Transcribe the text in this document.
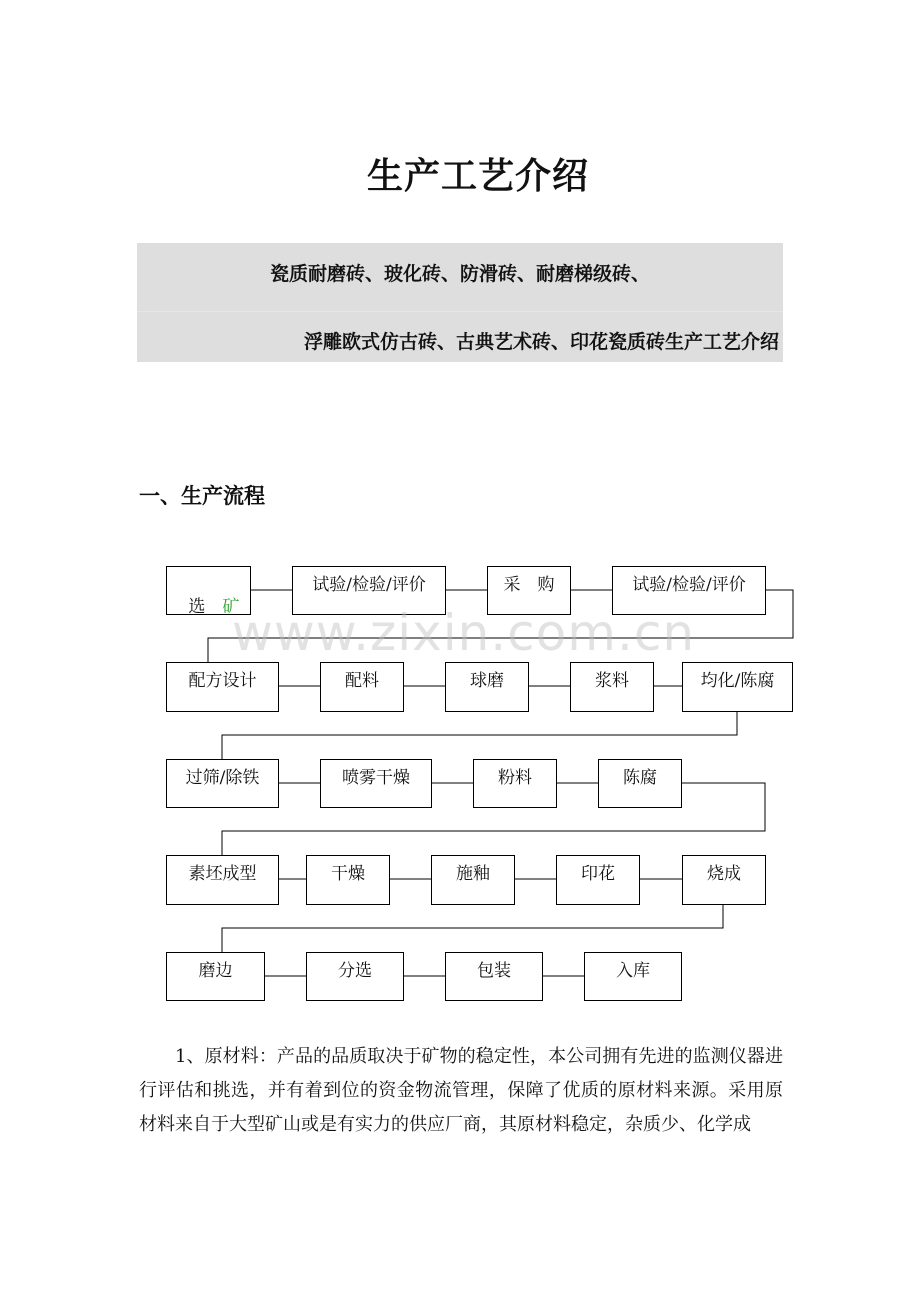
生产工艺介绍
瓷质耐磨砖、玻化砖、防滑砖、耐磨梯级砖、
浮雕欧式仿古砖、古典艺术砖、印花瓷质砖生产工艺介绍
一、生产流程

选　 矿

试验/检验/评价	采　购	试验/检验/评价
配方设计	配料	球磨	浆料	均化/陈腐
过筛/除铁	喷雾干燥	粉料	陈腐
素坯成型	干燥	施釉	印花	烧成
磨边	分选	包装	入库
www.zixin.com.cn
1、原材料：产品的品质取决于矿物的稳定性，本公司拥有先进的监测仪器进行评估和挑选，并有着到位的资金物流管理，保障了优质的原材料来源。采用原材料来自于大型矿山或是有实力的供应厂商，其原材料稳定，杂质少、化学成
